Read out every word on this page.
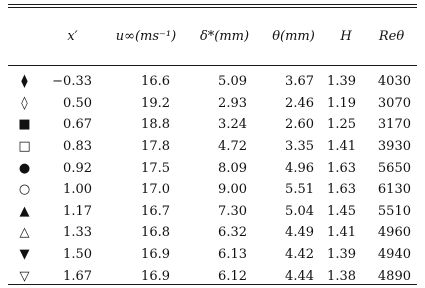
	x′	u∞(ms⁻¹)	δ*(mm)	θ(mm)	H	Reθ
⧫	−0.33	16.6	5.09	3.67	1.39	4030
◊	0.50	19.2	2.93	2.46	1.19	3070
■	0.67	18.8	3.24	2.60	1.25	3170
□	0.83	17.8	4.72	3.35	1.41	3930
●	0.92	17.5	8.09	4.96	1.63	5650
○	1.00	17.0	9.00	5.51	1.63	6130
▲	1.17	16.7	7.30	5.04	1.45	5510
△	1.33	16.8	6.32	4.49	1.41	4960
▼	1.50	16.9	6.13	4.42	1.39	4940
▽	1.67	16.9	6.12	4.44	1.38	4890
